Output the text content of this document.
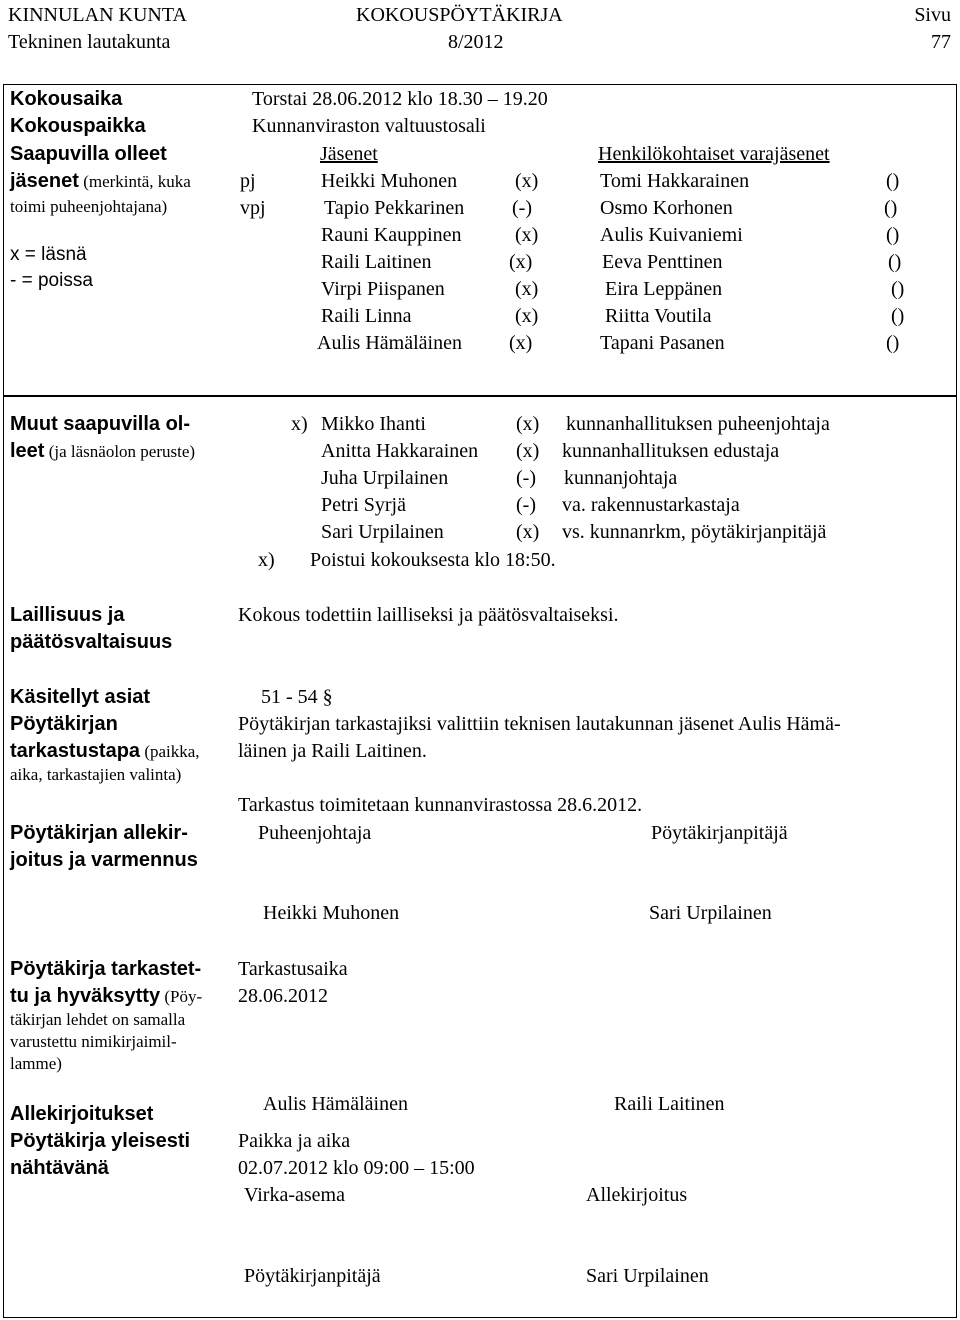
KINNULAN KUNTA
Tekninen lautakunta
KOKOUSPÖYTÄKIRJA
8/2012
Sivu
77
Kokousaika	Torstai 28.06.2012 klo 18.30 – 19.20
Kokouspaikka	Kunnanviraston valtuustosali
Saapuvilla olleet
jäsenet (merkintä, kuka
toimi puheenjohtajana)
x = läsnä
- = poissa
Jäsenet	Henkilökohtaiset varajäsenet
pj	Heikki Muhonen	(x)	Tomi Hakkarainen	()
vpj	Tapio Pekkarinen (-)	Osmo Korhonen	()
Rauni Kauppinen	(x)	Aulis Kuivaniemi	()
Raili Laitinen	(x)	Eeva Penttinen	()
Virpi Piispanen	(x)	Eira Leppänen	()
Raili Linna	(x)	Riitta Voutila	()
Aulis Hämäläinen (x)	Tapani Pasanen	()
Muut saapuvilla ol-
leet (ja läsnäolon peruste)
x) Mikko Ihanti	(x) kunnanhallituksen puheenjohtaja
Anitta Hakkarainen (x) kunnanhallituksen edustaja
Juha Urpilainen	(-) kunnanjohtaja
Petri Syrjä	(-) va. rakennustarkastaja
Sari Urpilainen	(x) vs. kunnanrkm, pöytäkirjanpitäjä
x) Poistui kokouksesta klo 18:50.
Laillisuus ja
päätösvaltaisuus
Kokous todettiin lailliseksi ja päätösvaltaiseksi.
Käsitellyt asiat	51 - 54 §
Pöytäkirjan
tarkastustapa (paikka,
aika, tarkastajien valinta)
Pöytäkirjan tarkastajiksi valittiin teknisen lautakunnan jäsenet Aulis Hämä-
läinen ja Raili Laitinen.
Tarkastus toimitetaan kunnanvirastossa 28.6.2012.
Pöytäkirjan allekir-
joitus ja varmennus
Puheenjohtaja	Pöytäkirjanpitäjä
Heikki Muhonen	Sari Urpilainen
Pöytäkirja tarkastet-
tu ja hyväksytty (Pöy-
täkirjan lehdet on samalla
varustettu nimikirjaimil-
lamme)
Tarkastusaika
28.06.2012
Allekirjoitukset	Aulis Hämäläinen	Raili Laitinen
Pöytäkirja yleisesti
nähtävänä
Paikka ja aika
02.07.2012 klo 09:00 – 15:00
Virka-asema	Allekirjoitus
Pöytäkirjanpitäjä	Sari Urpilainen
